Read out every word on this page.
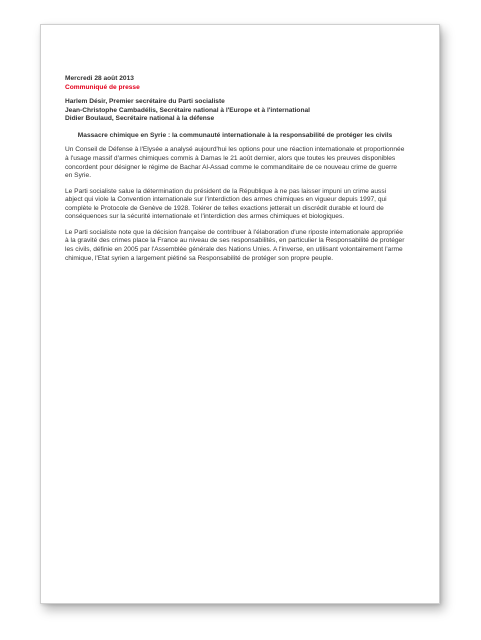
Mercredi 28 août 2013

Communiqué de presse

Harlem Désir, Premier secrétaire du Parti socialiste
Jean-Christophe Cambadélis, Secrétaire national à l'Europe et à l'international
Didier Boulaud, Secrétaire national à la défense

Massacre chimique en Syrie : la communauté internationale à la responsabilité de protéger les civils

Un Conseil de Défense à l'Elysée a analysé aujourd'hui les options pour une réaction internationale et proportionnée à l'usage massif d'armes chimiques commis à Damas le 21 août dernier, alors que toutes les preuves disponibles concordent pour désigner le régime de Bachar Al-Assad comme le commanditaire de ce nouveau crime de guerre en Syrie.

Le Parti socialiste salue la détermination du président de la République à ne pas laisser impuni un crime aussi abject qui viole la Convention internationale sur l'interdiction des armes chimiques en vigueur depuis 1997, qui complète le Protocole de Genève de 1928. Tolérer de telles exactions jetterait un discrédit durable et lourd de conséquences sur la sécurité internationale et l'interdiction des armes chimiques et biologiques.

Le Parti socialiste note que la décision française de contribuer à l'élaboration d'une riposte internationale appropriée à la gravité des crimes place la France au niveau de ses responsabilités, en particulier la Responsabilité de protéger les civils, définie en 2005 par l'Assemblée générale des Nations Unies. A l'inverse, en utilisant volontairement l'arme chimique, l'Etat syrien a largement piétiné sa Responsabilité de protéger son propre peuple.
